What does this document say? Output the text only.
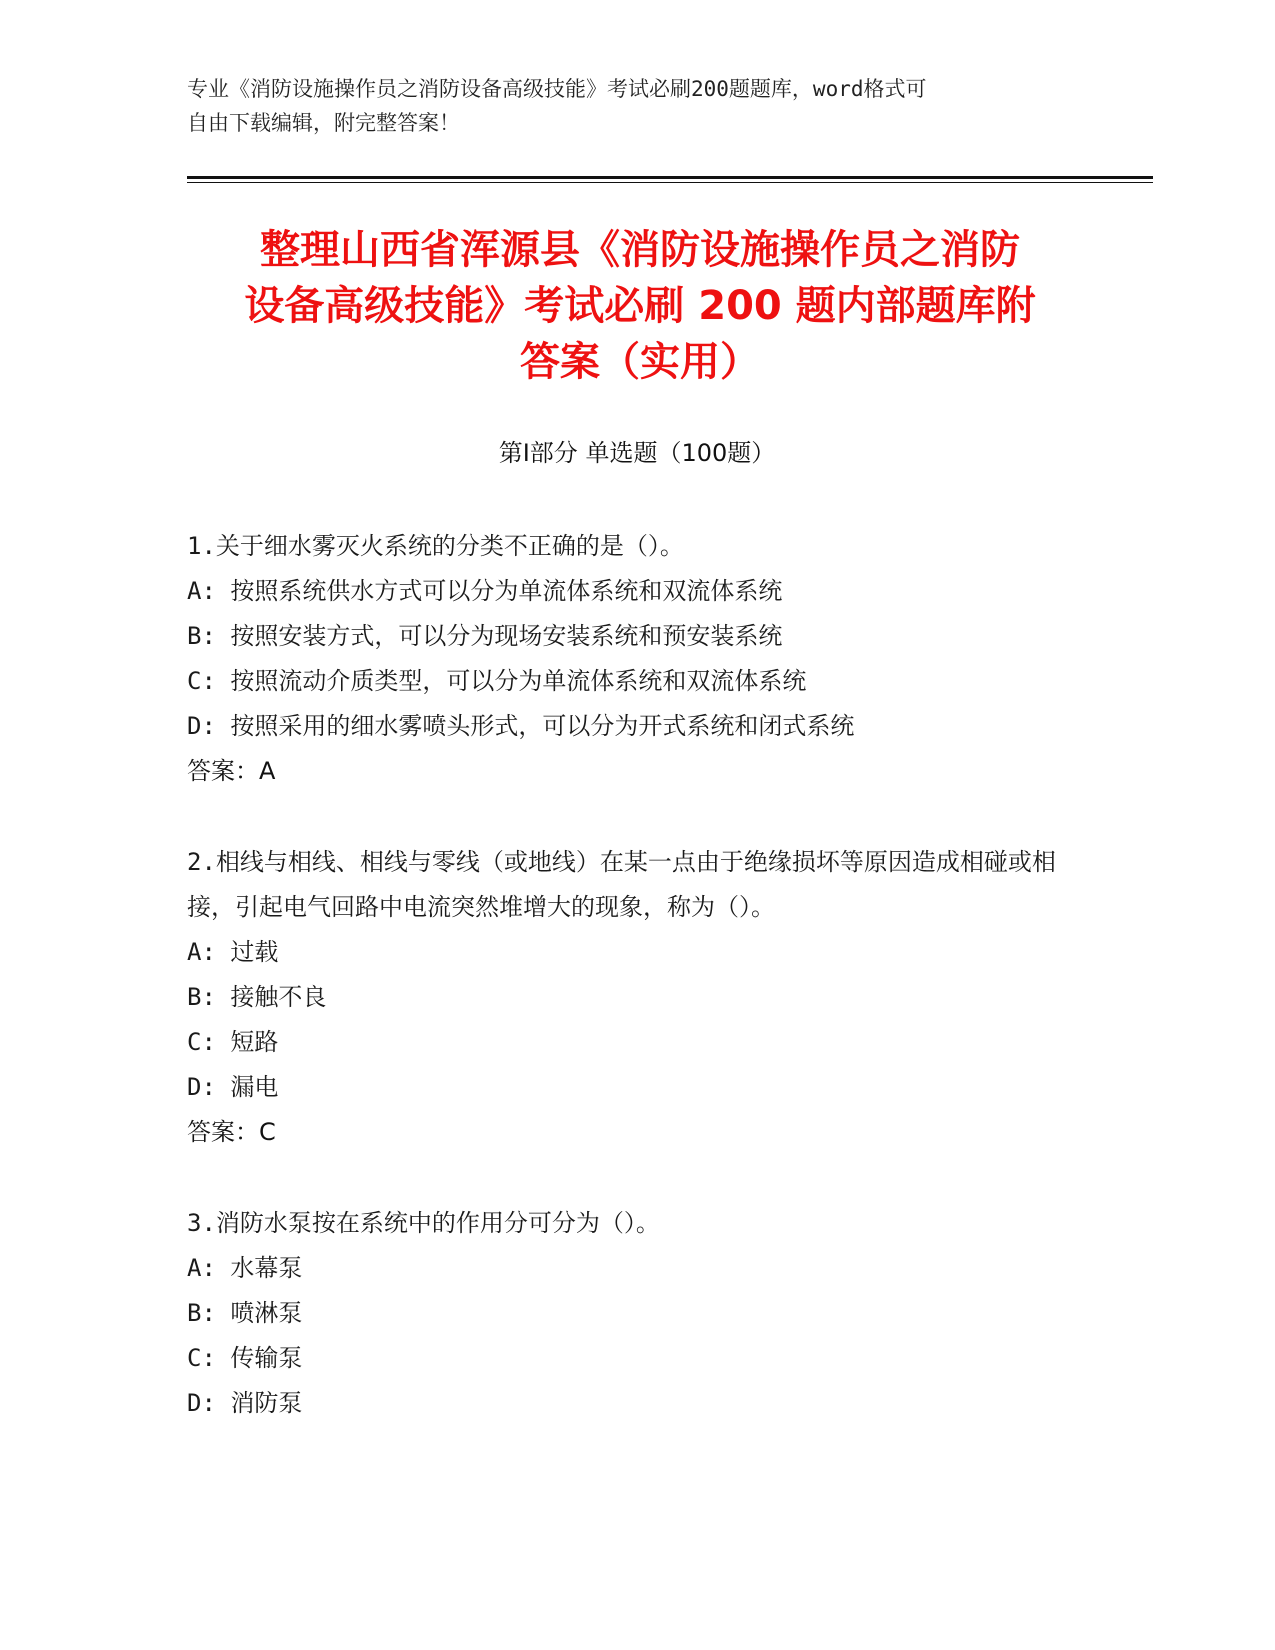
专业《消防设施操作员之消防设备高级技能》考试必刷200题题库，word格式可
自由下载编辑，附完整答案！
整理山西省浑源县《消防设施操作员之消防
设备高级技能》考试必刷 200 题内部题库附
答案（实用）
第Ⅰ部分 单选题（100题）
1.关于细水雾灭火系统的分类不正确的是（）。
A: 按照系统供水方式可以分为单流体系统和双流体系统
B: 按照安装方式，可以分为现场安装系统和预安装系统
C: 按照流动介质类型，可以分为单流体系统和双流体系统
D: 按照采用的细水雾喷头形式，可以分为开式系统和闭式系统
答案：A
2.相线与相线、相线与零线（或地线）在某一点由于绝缘损坏等原因造成相碰或相接，引起电气回路中电流突然堆增大的现象，称为（）。
A: 过载
B: 接触不良
C: 短路
D: 漏电
答案：C
3.消防水泵按在系统中的作用分可分为（）。
A: 水幕泵
B: 喷淋泵
C: 传输泵
D: 消防泵
